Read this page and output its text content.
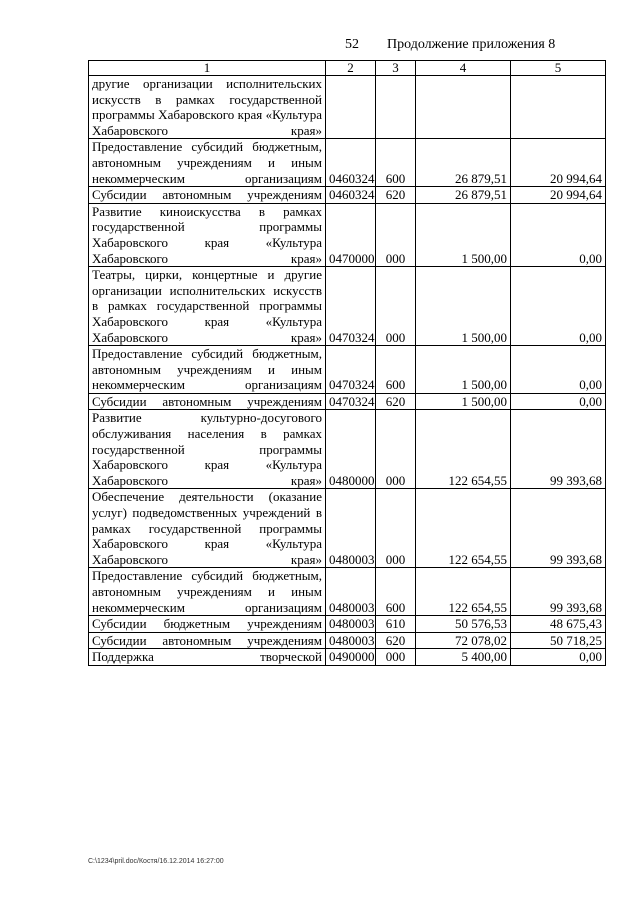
52 Продолжение приложения 8
1	2	3	4	5
другие организации исполнительских искусств в рамках государственной программы Хабаровского края «Культура Хабаровского края»				
Предоставление субсидий бюджетным, автономным учреждениям и иным некоммерческим организациям	0460324	600	26 879,51	20 994,64
Субсидии автономным учреждениям	0460324	620	26 879,51	20 994,64
Развитие киноискусства в рамках государственной программы Хабаровского края «Культура Хабаровского края»	0470000	000	1 500,00	0,00
Театры, цирки, концертные и другие организации исполнительских искусств в рамках государственной программы Хабаровского края «Культура Хабаровского края»	0470324	000	1 500,00	0,00
Предоставление субсидий бюджетным, автономным учреждениям и иным некоммерческим организациям	0470324	600	1 500,00	0,00
Субсидии автономным учреждениям	0470324	620	1 500,00	0,00
Развитие культурно-досугового обслуживания населения в рамках государственной программы Хабаровского края «Культура Хабаровского края»	0480000	000	122 654,55	99 393,68
Обеспечение деятельности (оказание услуг) подведомственных учреждений в рамках государственной программы Хабаровского края «Культура Хабаровского края»	0480003	000	122 654,55	99 393,68
Предоставление субсидий бюджетным, автономным учреждениям и иным некоммерческим организациям	0480003	600	122 654,55	99 393,68
Субсидии бюджетным учреждениям	0480003	610	50 576,53	48 675,43
Субсидии автономным учреждениям	0480003	620	72 078,02	50 718,25
Поддержка творческой	0490000	000	5 400,00	0,00
C:\1234\pril.doc/Костя/16.12.2014 16:27:00
